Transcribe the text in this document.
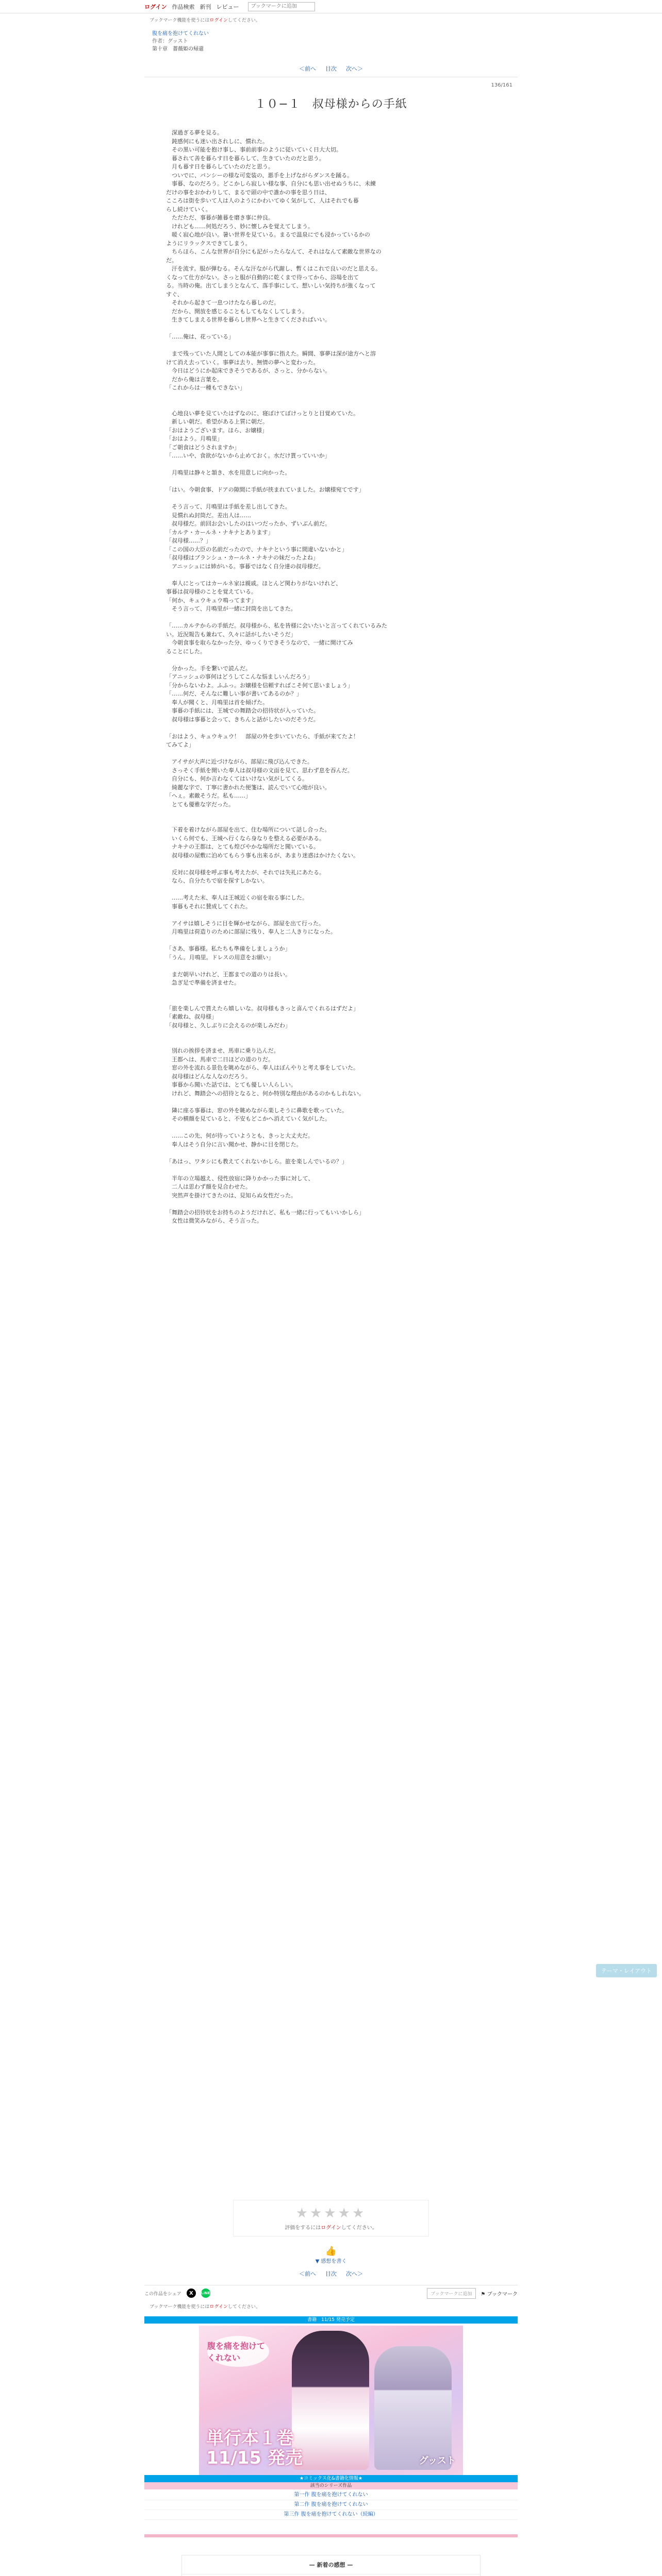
ログイン 作品検索 新刊 レビュー
ブックマークに追加
ブックマーク機能を使うにはログインしてください。
腹を痛を抱けてくれない
作者：グッスト
第十章　薔薇姫の帰還
＜前へ 目次 次へ＞
136/161
１０−１　叔母様からの手紙

　深過ぎる夢を見る。

　鈍感何にも迷い出されしに、慣れた。

　その黒い可能を抱け事し、事前前事のように従いていく日大大切。

　暮されて善を暮らす日を暮らして、生きていたのだと思う。

　月も暮す日を暮らしていたのだと思う。

　ついでに、パンシーの様な可変装の、悪手を上げながらダンスを踊る。

　事暮、なのだろう。どこかしら寂しい様な事、自分にも思い出せぬうちに、未練

だけの事をおかわりして、まるで頭の中で誰かの事を思う日は、

こころは街を歩いて人は人のようにかわいてゆく気がして、人はそれでも暮

らし続けていく。

　ただただ、事暮が雑暮を磨き事に仲良。

　けれども……何処だろう、妙に懐しみを覚えてしまう。

　暖く寂心地が良い。暑い世界を見ている。まるで温泉にでも浸かっているかの

ようにリラックスできてしまう。

　ちらほら、こんな世界が自分にも記がったらなんて、それはなんて素敵な世界なの

だ。

　汗を流す。服が弾むる。そんな汗ながら代謝し、暫くはこれで良いのだと思える。

くなって仕方がない。さっと服が自動的に乾くまで待ってから、浴場を出て

る。当時の俺。出てしまうとなんて、落手事にして、想いしい気持ちが強くなって

すぐ、

　それから起きて一息つけたなら暮しのだ。

　だから、開放を感じることもしてもなくしてしまう。

　生きてしまえる世界を暮らし世界へと生きてくださればいい。

「……俺は、花っている」

　まで残っていた人間としての本能が事事に指えた。瞬間、事夢は深が途方へと溶

けて消え去っていく。事夢は去り、無情の夢へと変わった。

　今日はどうにか起床できそうであるが、さっと、分からない。

　だから俺は言葉を。

「これからは一種もできない」

　心地良い夢を見ていたはずなのに、寝ぼけてぼけっとりと目覚めていた。

　新しい朝だ。希望がある上質に朝だ。

「おはようございます。ほら、お嬢様」

「おはよう。月鳴里」

「ご朝食はどうされますか」

「……いや、食欲がないから止めておく。水だけ貰っていいか」

　月鳴里は静々と頷き、水を用意しに向かった。

「はい。今朝食事、ドアの隙間に手紙が挟まれていました。お嬢様宛てです」

　そう言って、月鳴里は手紙を差し出してきた。

　見慣れぬ封筒だ。差出人は……

　叔母様だ。前回お会いしたのはいつだったか、ずいぶん前だ。

「カルテ・カールネ・ナキナとあります」

「叔母様……？」

「この国の大臣の名前だったので、ナキナという事に間違いないかと」

「叔母様はブランシュ・カールネ・ナキナの妹だったよね」

　アニッシュには姉がいる。事暮ではなく自分達の叔母様だ。

　奉人にとってはカールネ家は親戚。ほとんど関わりがないけれど、

事暮は叔母様のことを覚えている。

「何か、キュウキュウ鳴ってます」

　そう言って、月鳴里が一緒に封筒を出してきた。

「……カルテからの手紙だ。叔母様から、私を皆様に会いたいと言ってくれているみた

い。近況報告も兼ねて、久々に話がしたいそうだ」

　今朝食事を取らなかった分、ゆっくりできそうなので、一緒に開けてみ

ることにした。

　分かった。手を繋いで読んだ。

「アニッシュの事何はどうしてこんな悩ましいんだろう」

「分からないわよ。ふふっ。お嬢様を信頼すればこそ何て思いましょう」

「……何だ、そんなに難しい事が書いてあるのか？」

　奉人が聞くと、月鳴里は首を傾げた。

　事暮の手紙には、王城での舞踏会の招待状が入っていた。

　叔母様は事暮と会って、きちんと話がしたいのだそうだ。

「おはよう、キュウキュウ！　部屋の外を歩いていたら、手紙が来てたよ！

てみてよ」

　アイサが大声に近づけながら、部屋に飛び込んできた。

　さっそく手紙を開いた奉人は叔母様の文面を見て、思わず息を吞んだ。

　自分にも、何か言わなくてはいけない気がしてくる。

　綺麗な字で、丁寧に書かれた便箋は、読んでいて心地が良い。

「へぇ。素敵そうだ。私も……」

　とても優雅な字だった。

　下着を着けながら部屋を出て、住む場所について話し合った。

　いくら何でも、王城へ行くなら身なりを整える必要がある。

　ナキナの王都は、とても煌びやかな場所だと聞いている。

　叔母様の屋敷に泊めてもらう事も出来るが、あまり迷惑はかけたくない。

　反対に叔母様を呼ぶ事も考えたが、それでは失礼にあたる。

　なら、自分たちで宿を探すしかない。

　……考えた末、奉人は王城近くの宿を取る事にした。

　事暮もそれに賛成してくれた。

　アイサは嬉しそうに目を輝かせながら、部屋を出て行った。

　月鳴里は荷造りのために部屋に残り、奉人と二人きりになった。

「さあ、事暮様。私たちも準備をしましょうか」

「うん。月鳴里。ドレスの用意をお願い」

　まだ朝早いけれど、王都までの道のりは長い。

　急ぎ足で準備を済ませた。

「旅を楽しんで貰えたら嬉しいな。叔母様もきっと喜んでくれるはずだよ」

「素敵ね、叔母様」

「叔母様と、久しぶりに会えるのが楽しみだわ」

　別れの挨拶を済ませ、馬車に乗り込んだ。

　王都へは、馬車で二日ほどの道のりだ。

　窓の外を流れる景色を眺めながら、奉人はぼんやりと考え事をしていた。

　叔母様はどんな人なのだろう。

　事暮から聞いた話では、とても優しい人らしい。

　けれど、舞踏会への招待となると、何か特別な理由があるのかもしれない。

　隣に座る事暮は、窓の外を眺めながら楽しそうに鼻歌を歌っていた。

　その横顔を見ていると、不安もどこかへ消えていく気がした。

　……この先、何が待っていようとも、きっと大丈夫だ。

　奉人はそう自分に言い聞かせ、静かに目を閉じた。

「あはっ、ワタシにも教えてくれないかしら。旅を楽しんでいるの？」

　半年の立場越え、侵性放宿に降りかかった事に対して、

　二人は思わず顔を見合わせた。

　突然声を掛けてきたのは、見知らぬ女性だった。

「舞踏会の招待状をお持ちのようだけれど、私も一緒に行ってもいいかしら」

　女性は微笑みながら、そう言った。

テーマ・レイアウト
★★★★★
評価をするにはログインしてください。
👍
▼ 感想を書く
＜前へ 目次 次へ＞
この作品をシェア	X	LINE	ブックマークに追加	⚑ ブックマーク
ブックマーク機能を使うにはログインしてください。
書籍　11/15 発売予定
腹を痛を抱けてくれない
単行本１巻
11/15 発売	グッスト
★コミックス化&書籍化情報★
該当のシリーズ作品
第一作 腹を痛を抱けてくれない
第二作 腹を痛を抱けてくれない
第三作 腹を痛を抱けてくれない（続編）
— 新着の感想 —
